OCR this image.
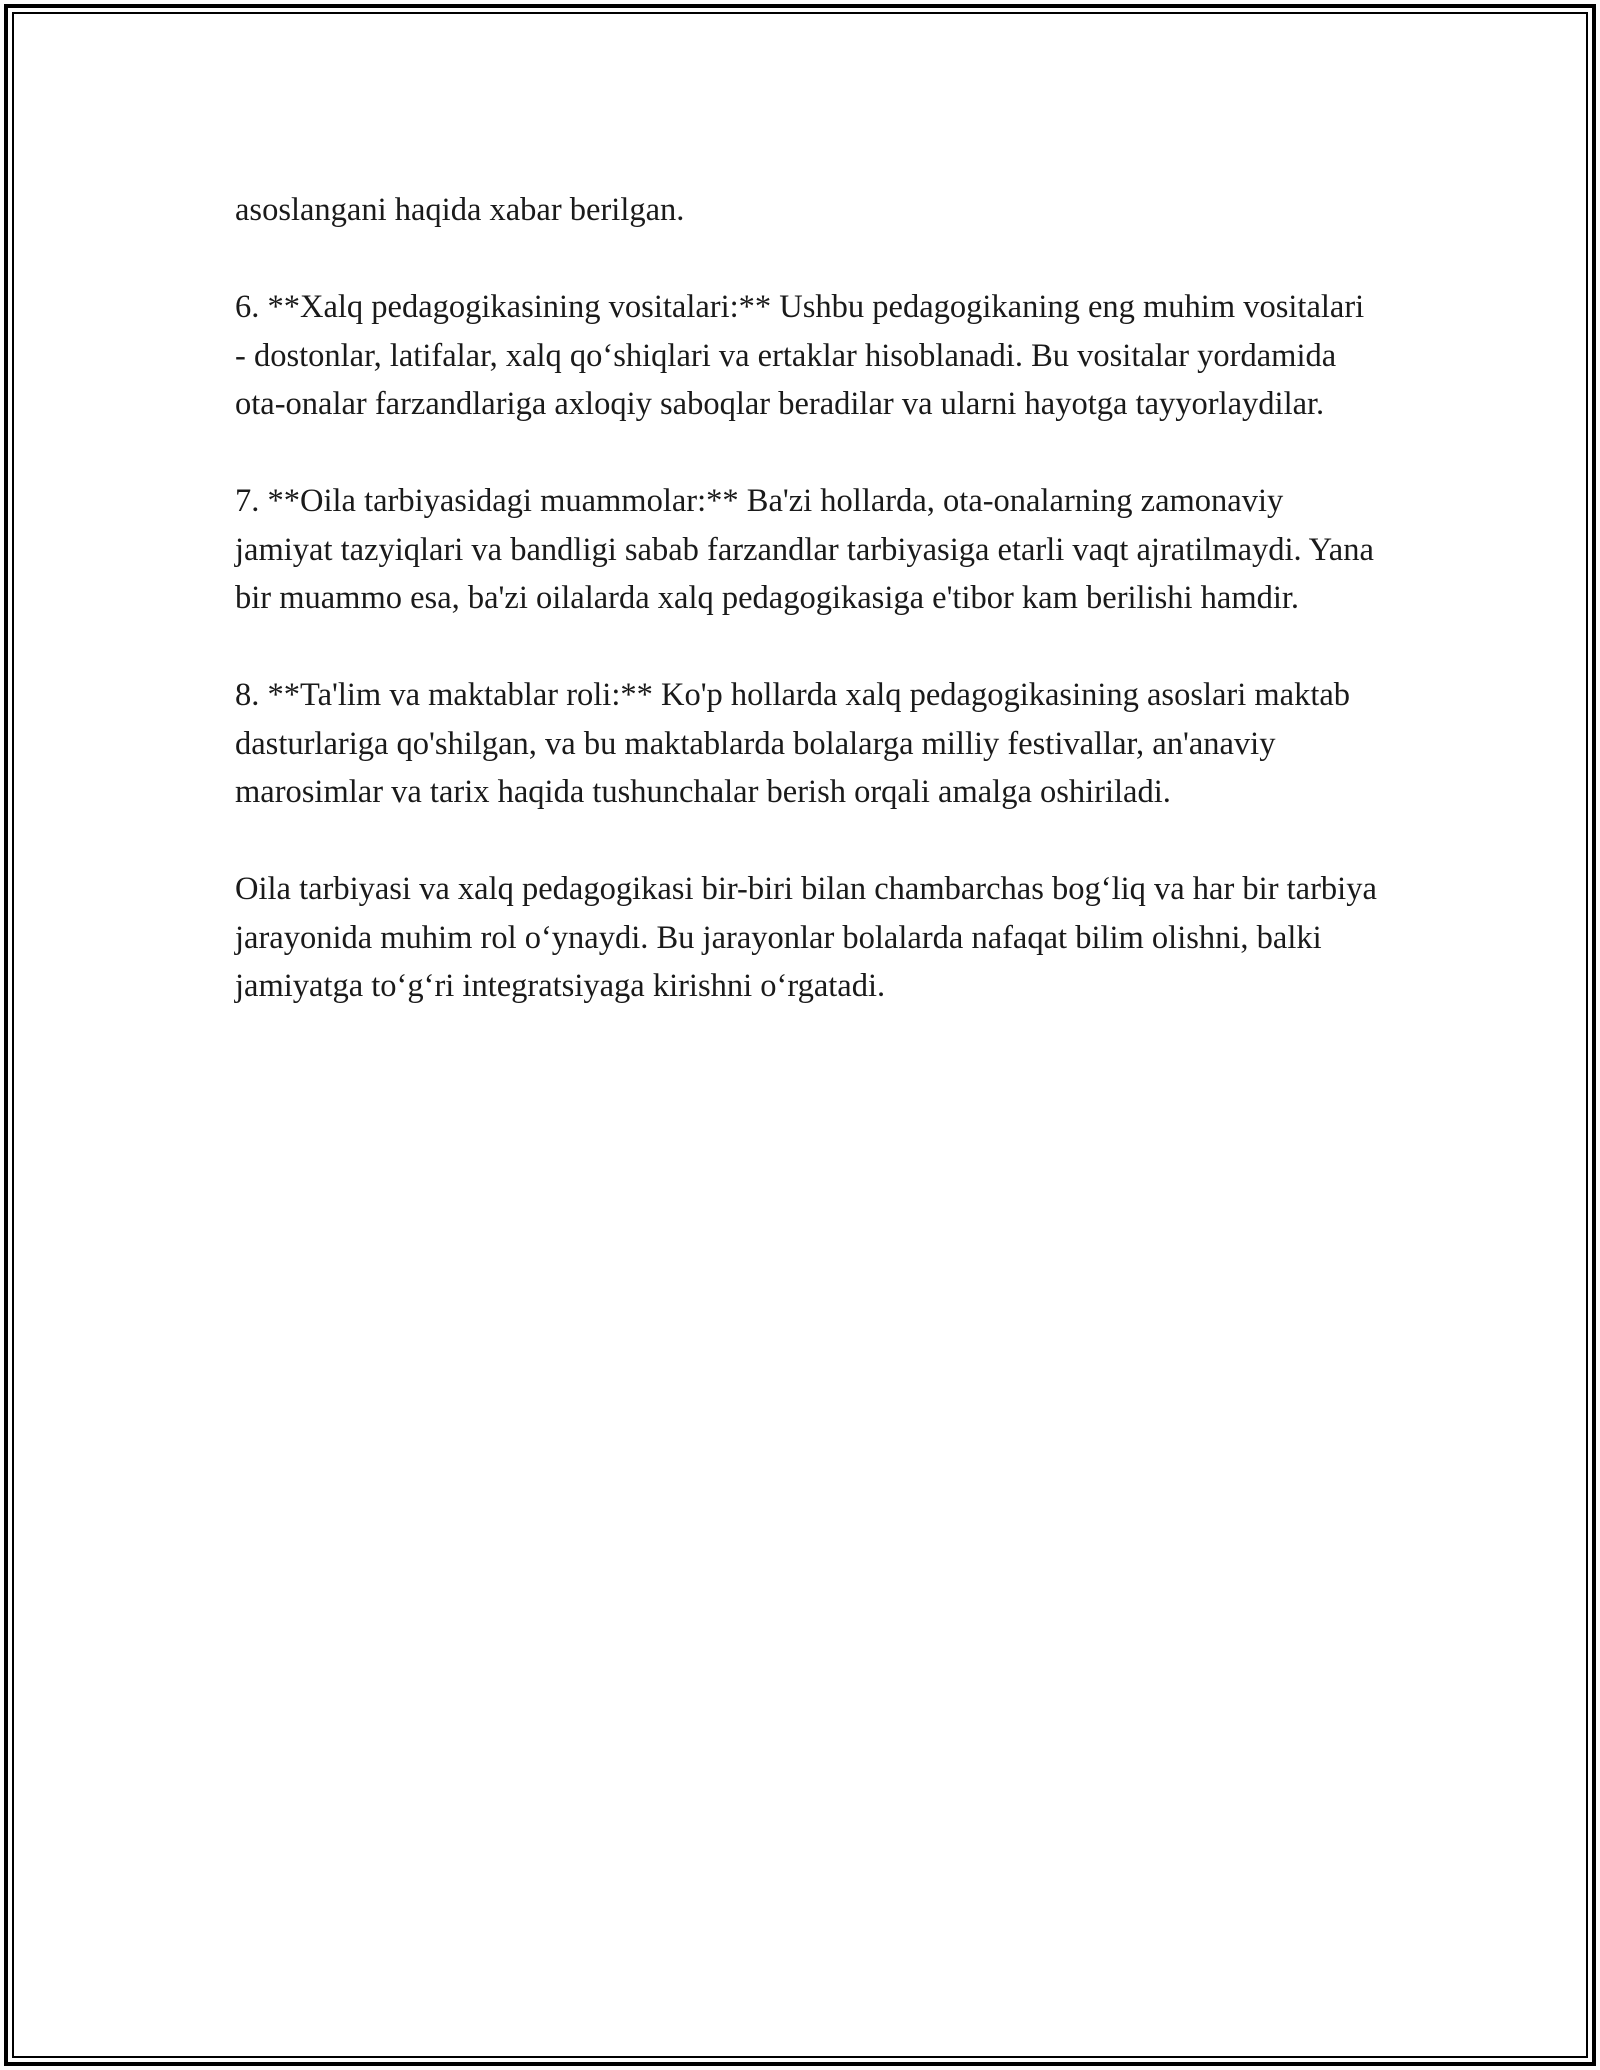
asoslangani haqida xabar berilgan.

6. **Xalq pedagogikasining vositalari:** Ushbu pedagogikaning eng muhim vositalari - dostonlar, latifalar, xalq qo‘shiqlari va ertaklar hisoblanadi. Bu vositalar yordamida ota-onalar farzandlariga axloqiy saboqlar beradilar va ularni hayotga tayyorlaydilar.

7. **Oila tarbiyasidagi muammolar:** Ba'zi hollarda, ota-onalarning zamonaviy jamiyat tazyiqlari va bandligi sabab farzandlar tarbiyasiga etarli vaqt ajratilmaydi. Yana bir muammo esa, ba'zi oilalarda xalq pedagogikasiga e'tibor kam berilishi hamdir.

8. **Ta'lim va maktablar roli:** Ko'p hollarda xalq pedagogikasining asoslari maktab dasturlariga qo'shilgan, va bu maktablarda bolalarga milliy festivallar, an'anaviy marosimlar va tarix haqida tushunchalar berish orqali amalga oshiriladi.

Oila tarbiyasi va xalq pedagogikasi bir-biri bilan chambarchas bog‘liq va har bir tarbiya jarayonida muhim rol o‘ynaydi. Bu jarayonlar bolalarda nafaqat bilim olishni, balki jamiyatga to‘g‘ri integratsiyaga kirishni o‘rgatadi.
